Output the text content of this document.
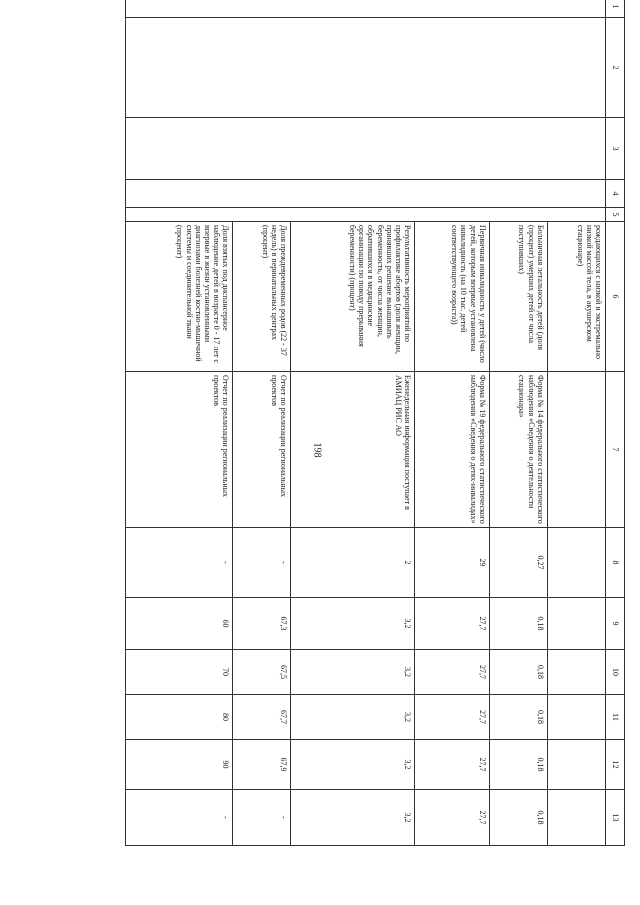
198
1	2	3	4	5	6	7	8	9	10	11	12	13
					рождающихся с низкой и экстремально низкой массой тела, в акушерском стационаре)							
					Больничная летальность детей (доля (процент) умерших детей от числа поступивших)	Форма № 14 федерального статистического наблюдения «Сведения о деятельности стационара»	0,27	0,18	0,18	0,18	0,18	0,18
					Первичная инвалидность у детей (число детей, которым впервые установлена инвалидность (на 10 тыс. детей соответствующего возраста))	Форма № 19 федерального статистического наблюдения «Сведения о детях-инвалидах»	29	27,7	27,7	27,7	27,7	27,7
					Результативность мероприятий по профилактике абортов (доля женщин, принявших решение вынашивать беременность, от числа женщин, обратившихся в медицинские организации по поводу прерывания беременности) (процент)	Еженедельная информация поступает в АМИАЦ РИС АО	2	3,2	3,2	3,2	3,2	3,2
					Доля преждевременных родов (22 - 37 недель) в перинатальных центрах (процент)	Отчет по реализации региональных проектов	-	67,3	67,5	67,7	67,9	-
					Доля взятых под диспансерное наблюдение детей в возрасте 0 - 17 лет с впервые в жизни установленными диагнозами болезней костно-мышечной системы и соединительной ткани (процент)	Отчет по реализации региональных проектов	-	60	70	80	90	-
